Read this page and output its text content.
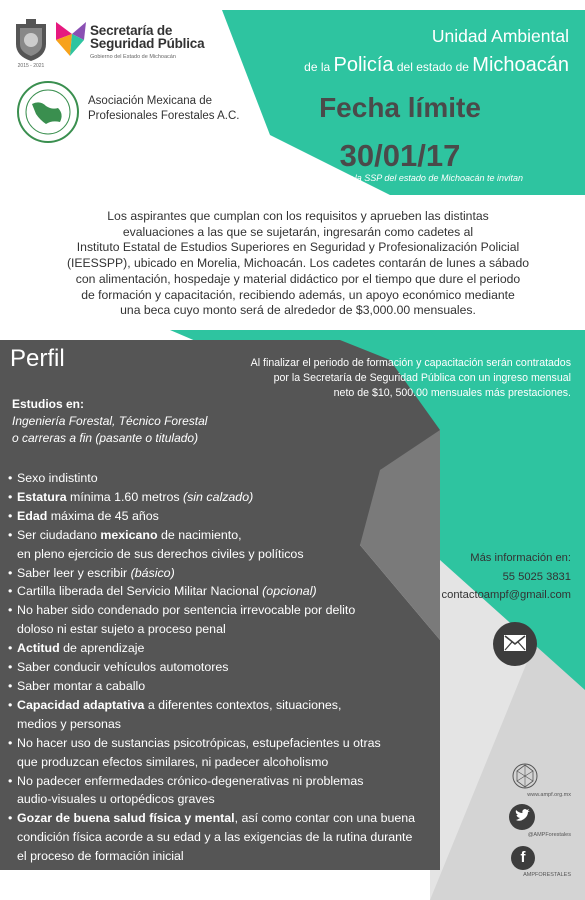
2015 - 2021
Secretaría de
Seguridad Pública
Gobierno del Estado de Michoacán
Asociación Mexicana de
Profesionales Forestales A.C.
Unidad Ambiental
de la Policía del estado de Michoacán
Fecha límite
30/01/17
La AMPF y la SSP del estado de Michoacán te invitan
Los aspirantes que cumplan con los requisitos y aprueben las distintas
evaluaciones a las que se sujetarán, ingresarán como cadetes al
Instituto Estatal de Estudios Superiores en Seguridad y Profesionalización Policial
(IEESSPP), ubicado en Morelia, Michoacán. Los cadetes contarán de lunes a sábado
con alimentación, hospedaje y material didáctico por el tiempo que dure el periodo
de formación y capacitación, recibiendo además, un apoyo económico mediante
una beca cuyo monto será de alrededor de $3,000.00 mensuales.
Al finalizar el periodo de formación y capacitación serán contratados
por la Secretaría de Seguridad Pública con un ingreso mensual
neto de $10, 500.00 mensuales más prestaciones.
Perfil
Estudios en:
Ingeniería Forestal, Técnico Forestal
o carreras a fin (pasante o titulado)
• Sexo indistinto
• Estatura mínima 1.60 metros (sin calzado)
• Edad máxima de 45 años
• Ser ciudadano mexicano de nacimiento,
en pleno ejercicio de sus derechos civiles y políticos
• Saber leer y escribir (básico)
• Cartilla liberada del Servicio Militar Nacional (opcional)
• No haber sido condenado por sentencia irrevocable por delito
doloso ni estar sujeto a proceso penal
• Actitud de aprendizaje
• Saber conducir vehículos automotores
• Saber montar a caballo
• Capacidad adaptativa a diferentes contextos, situaciones,
medios y personas
• No hacer uso de sustancias psicotrópicas, estupefacientes u otras
que produzcan efectos similares, ni padecer alcoholismo
• No padecer enfermedades crónico-degenerativas ni problemas
audio-visuales u ortopédicos graves
• Gozar de buena salud física y mental, así como contar con una buena
condición física acorde a su edad y a las exigencias de la rutina durante
el proceso de formación inicial
Más información en:
55 5025 3831
contactoampf@gmail.com
www.ampf.org.mx
@AMPForestales
f
AMPFORESTALES
